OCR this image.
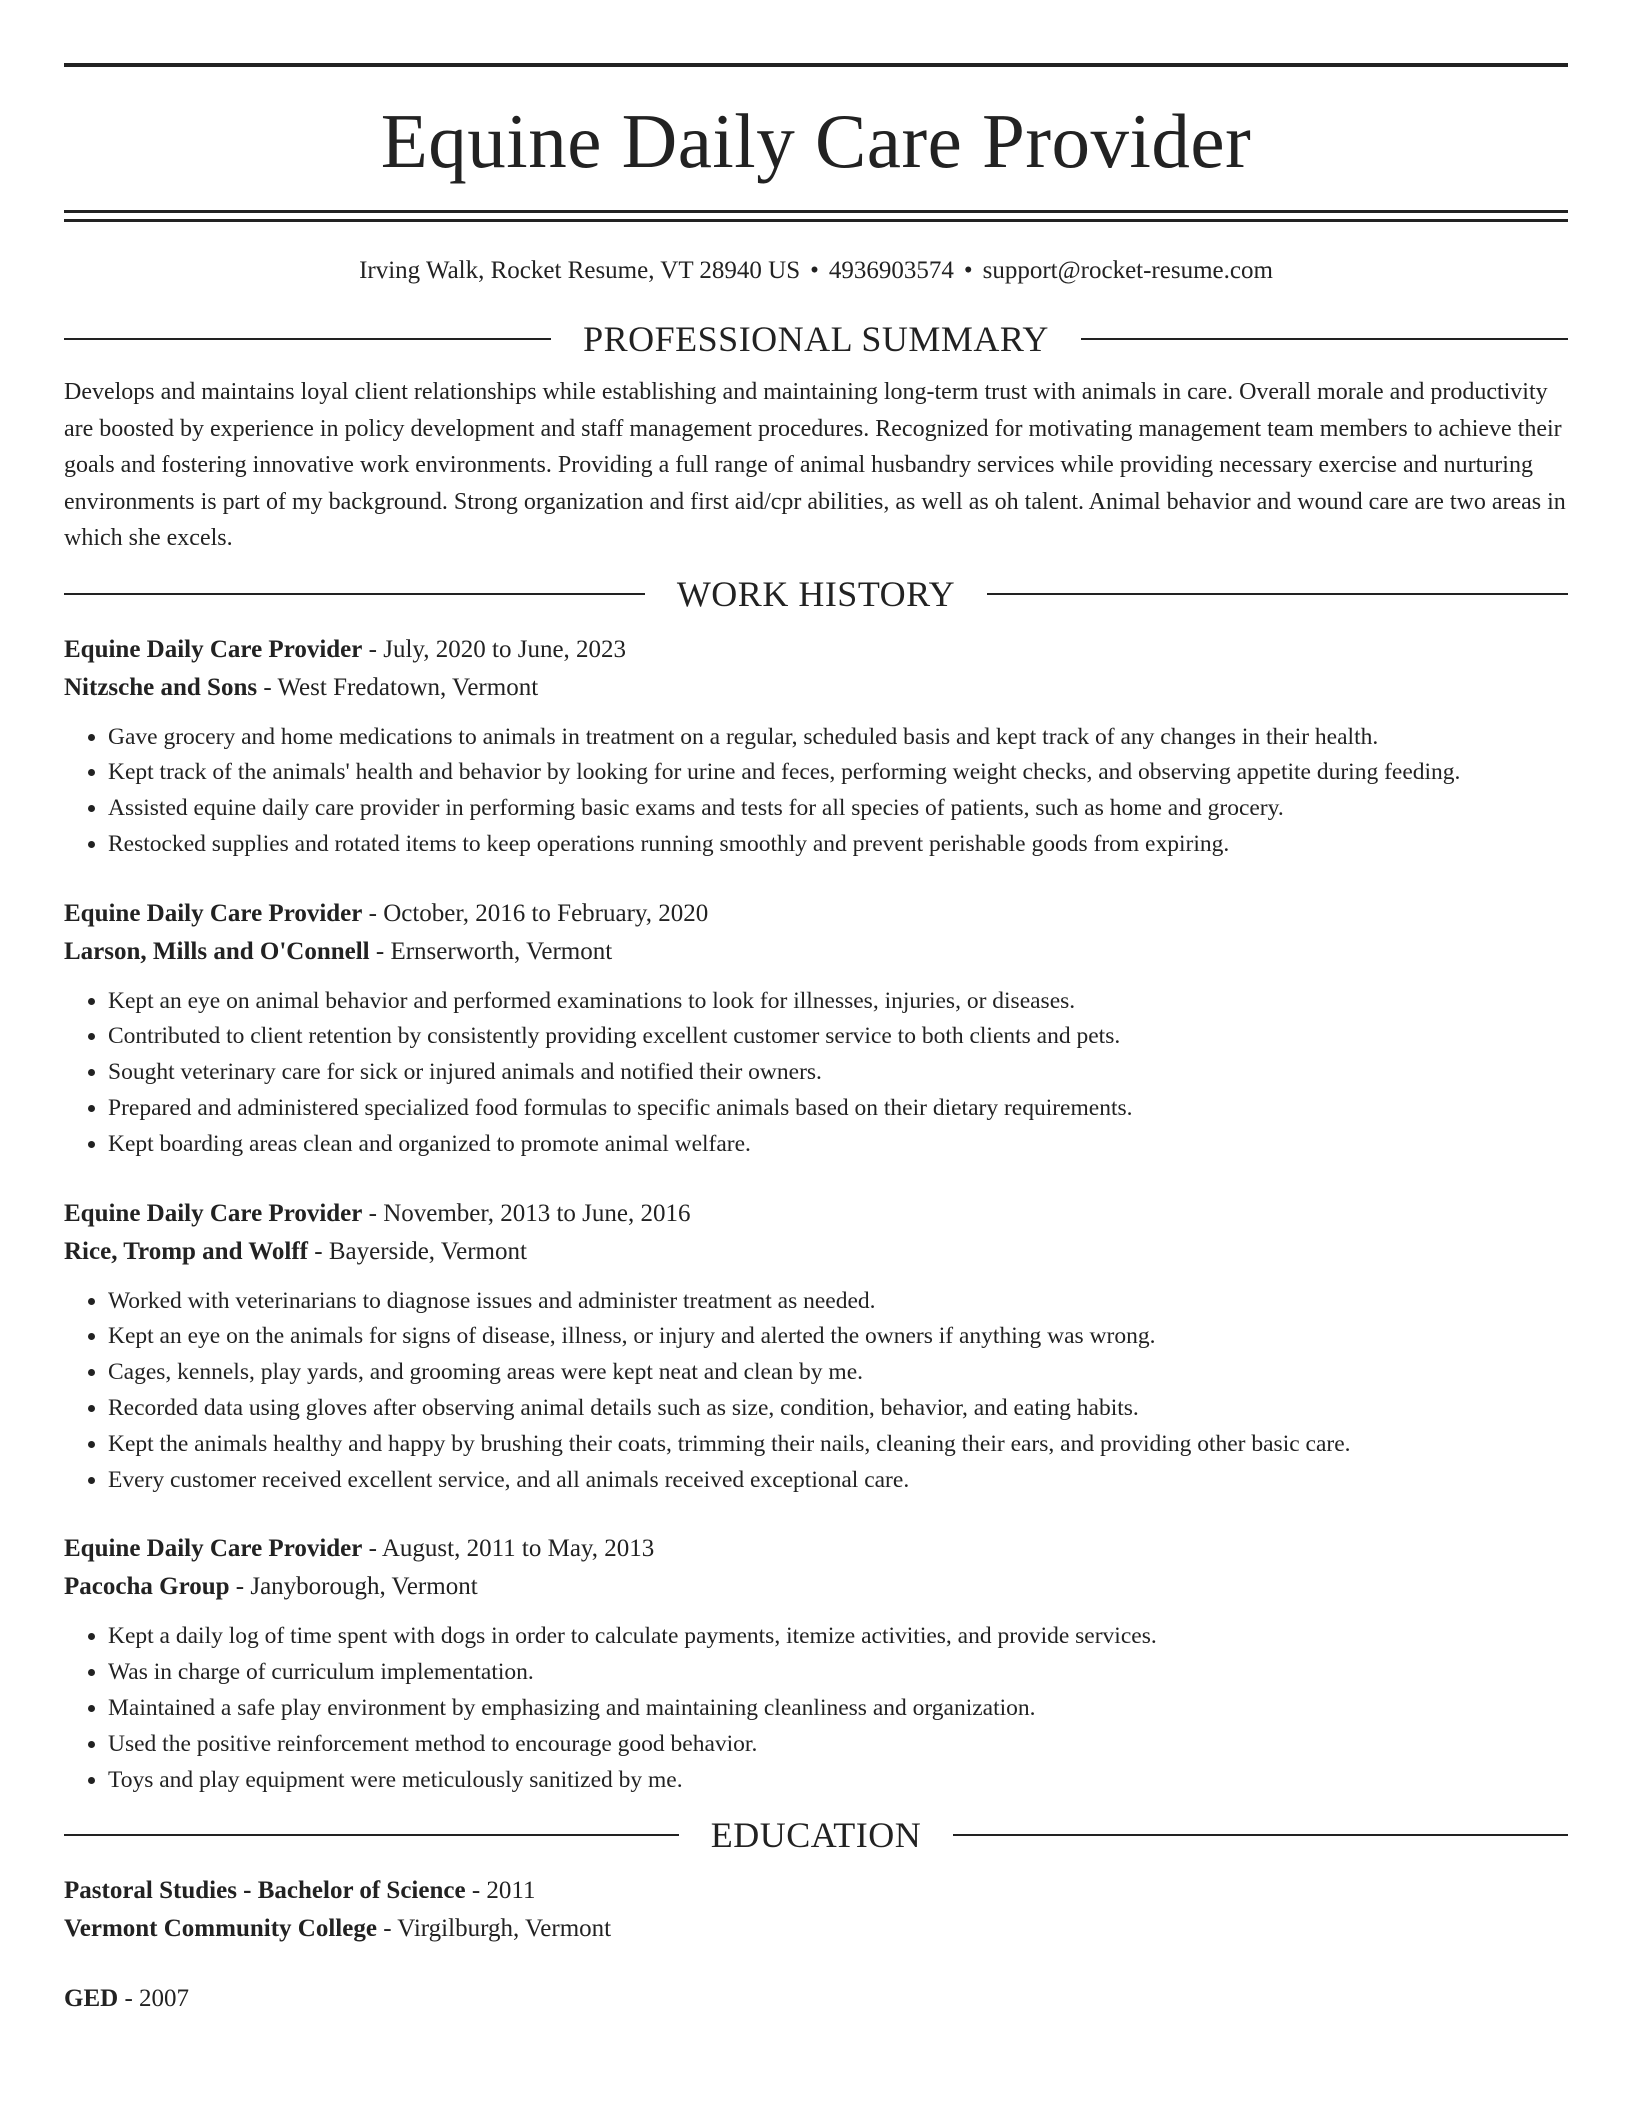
Equine Daily Care Provider
Irving Walk, Rocket Resume, VT 28940 US • 4936903574 • support@rocket-resume.com
PROFESSIONAL SUMMARY

Develops and maintains loyal client relationships while establishing and maintaining long-term trust with animals in care. Overall morale and productivity are boosted by experience in policy development and staff management procedures. Recognized for motivating management team members to achieve their goals and fostering innovative work environments. Providing a full range of animal husbandry services while providing necessary exercise and nurturing environments is part of my background. Strong organization and first aid/cpr abilities, as well as oh talent. Animal behavior and wound care are two areas in which she excels.

WORK HISTORY
Equine Daily Care Provider - July, 2020 to June, 2023
Nitzsche and Sons - West Fredatown, Vermont
• Gave grocery and home medications to animals in treatment on a regular, scheduled basis and kept track of any changes in their health.
• Kept track of the animals' health and behavior by looking for urine and feces, performing weight checks, and observing appetite during feeding.
• Assisted equine daily care provider in performing basic exams and tests for all species of patients, such as home and grocery.
• Restocked supplies and rotated items to keep operations running smoothly and prevent perishable goods from expiring.
Equine Daily Care Provider - October, 2016 to February, 2020
Larson, Mills and O'Connell - Ernserworth, Vermont
• Kept an eye on animal behavior and performed examinations to look for illnesses, injuries, or diseases.
• Contributed to client retention by consistently providing excellent customer service to both clients and pets.
• Sought veterinary care for sick or injured animals and notified their owners.
• Prepared and administered specialized food formulas to specific animals based on their dietary requirements.
• Kept boarding areas clean and organized to promote animal welfare.
Equine Daily Care Provider - November, 2013 to June, 2016
Rice, Tromp and Wolff - Bayerside, Vermont
• Worked with veterinarians to diagnose issues and administer treatment as needed.
• Kept an eye on the animals for signs of disease, illness, or injury and alerted the owners if anything was wrong.
• Cages, kennels, play yards, and grooming areas were kept neat and clean by me.
• Recorded data using gloves after observing animal details such as size, condition, behavior, and eating habits.
• Kept the animals healthy and happy by brushing their coats, trimming their nails, cleaning their ears, and providing other basic care.
• Every customer received excellent service, and all animals received exceptional care.
Equine Daily Care Provider - August, 2011 to May, 2013
Pacocha Group - Janyborough, Vermont
• Kept a daily log of time spent with dogs in order to calculate payments, itemize activities, and provide services.
• Was in charge of curriculum implementation.
• Maintained a safe play environment by emphasizing and maintaining cleanliness and organization.
• Used the positive reinforcement method to encourage good behavior.
• Toys and play equipment were meticulously sanitized by me.
EDUCATION
Pastoral Studies - Bachelor of Science - 2011
Vermont Community College - Virgilburgh, Vermont
GED - 2007
